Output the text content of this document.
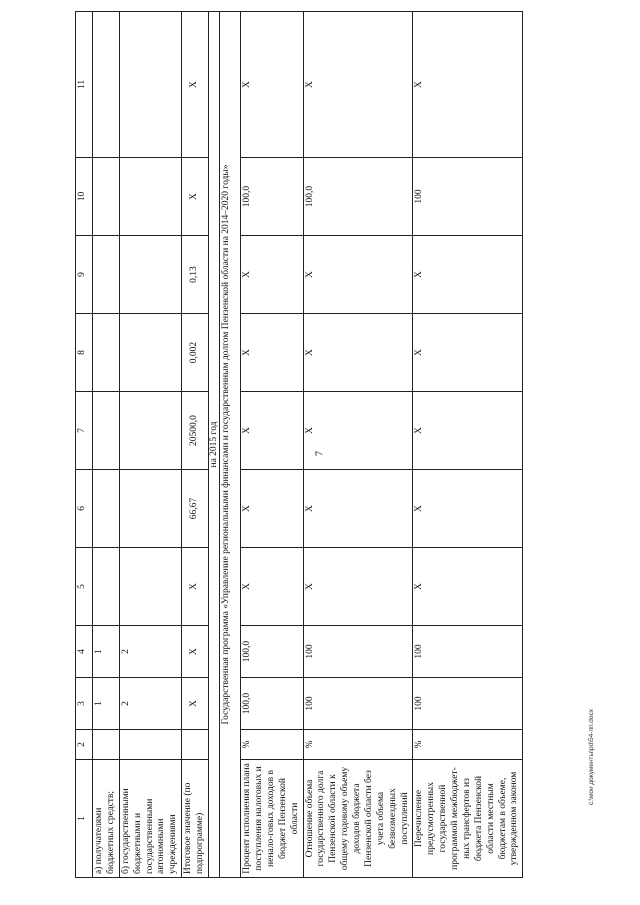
7
1	2	3	4	5	6	7	8	9	10	11
а) получателями бюджетных средств;		1	1							
б) государственными бюджетными и государственными автономными учреждениями		2	2							
Итоговое значение (по подпрограмме)		X	X	X	66,67	20500,0	0,002	0,13	X	X
на 2015 год										
Государственная программа «Управление региональными финансами и государственным долгом Пензенской области на 2014–2020 годы»										
Процент исполнения плана поступления налоговых и ненало-говых доходов в бюджет Пензенской области	%	100,0	100,0	X	X	X	X	X	100,0	X
Отношение объема государственного долга Пензенской области к общему годовому объему доходов бюджета Пензенской области без учета объема безвозмездных поступлений	%	100	100	X	X	X	X	X	100,0	X
Перечисление предусмотренных государственной программой межбюджет-ных трансфертов из бюджета Пензенской области местным бюджетам в объеме, утвержденном законом	%	100	100	X	X	X	X	X	100	X
c:\мои документы\pd\54-пп.docx
